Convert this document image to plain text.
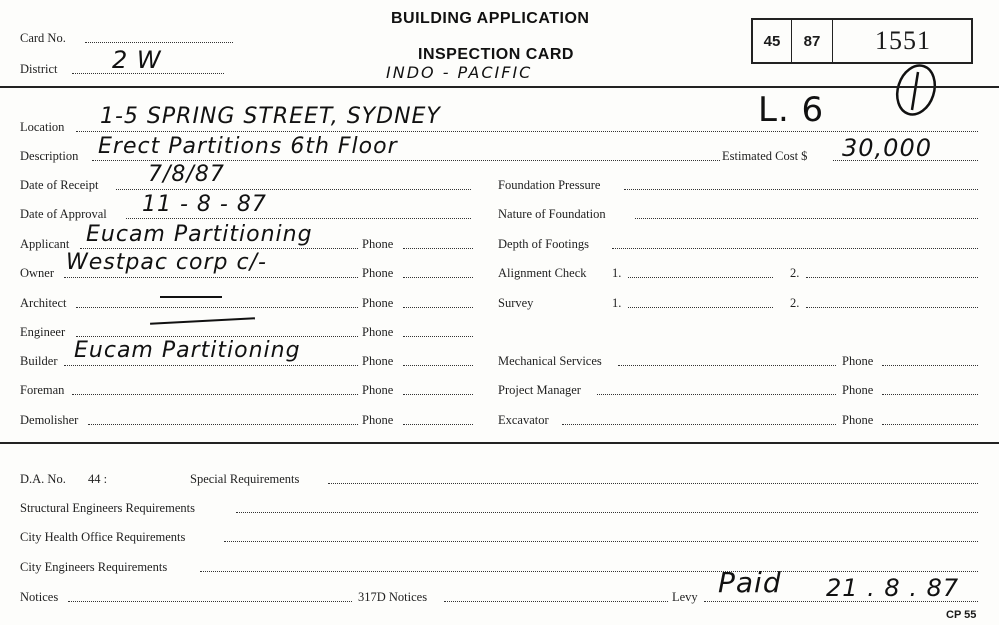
Card No.
District 2 W
BUILDING APPLICATION
INSPECTION CARD
INDO - PACIFIC
45	87	1551
L. 6
Location 1-5 SPRING STREET, SYDNEY
Description Erect Partitions 6th Floor	Estimated Cost $ 30,000
Date of Receipt 7/8/87	Foundation Pressure
Date of Approval 11 - 8 - 87	Nature of Foundation
Applicant Eucam Partitioning	Phone	Depth of Footings
Owner Westpac corp c/-	Phone	Alignment Check 1.	2.
Architect	Phone	Survey	1.	2.
Engineer	Phone
Builder Eucam Partitioning	Phone	Mechanical Services	Phone
Foreman	Phone	Project Manager	Phone
Demolisher	Phone	Excavator	Phone
D.A. No. 44 :	Special Requirements
Structural Engineers Requirements
City Health Office Requirements
City Engineers Requirements
Notices	317D Notices	Levy Paid 21 . 8 . 87
CP 55
